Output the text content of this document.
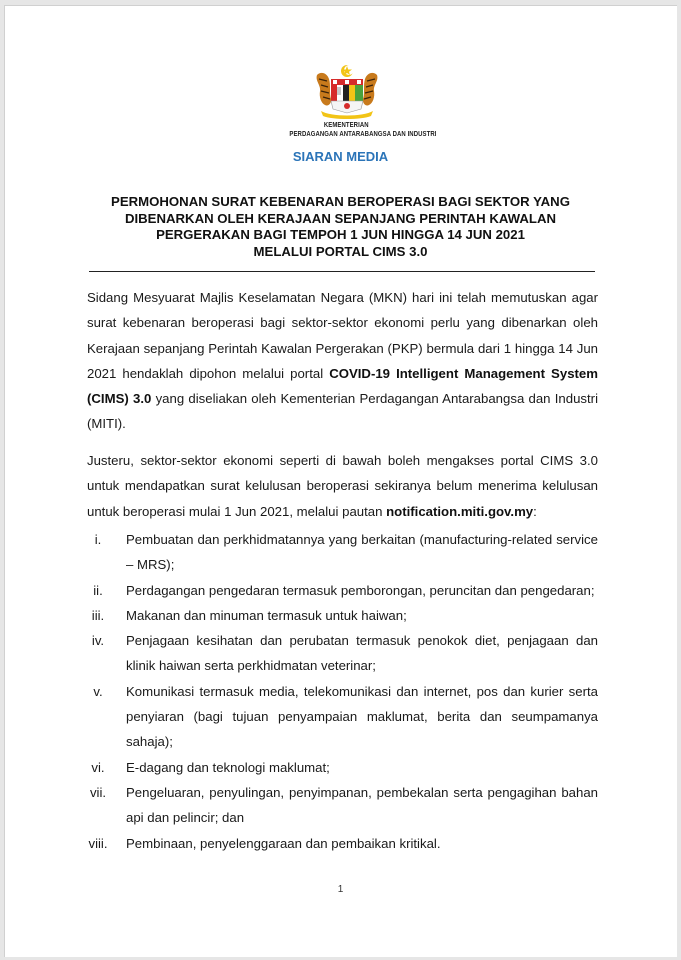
KEMENTERIAN
PERDAGANGAN ANTARABANGSA DAN INDUSTRI
SIARAN MEDIA
PERMOHONAN SURAT KEBENARAN BEROPERASI BAGI SEKTOR YANG
DIBENARKAN OLEH KERAJAAN SEPANJANG PERINTAH KAWALAN
PERGERAKAN BAGI TEMPOH 1 JUN HINGGA 14 JUN 2021
MELALUI PORTAL CIMS 3.0
Sidang Mesyuarat Majlis Keselamatan Negara (MKN) hari ini telah memutuskan agar surat kebenaran beroperasi bagi sektor-sektor ekonomi perlu yang dibenarkan oleh Kerajaan sepanjang Perintah Kawalan Pergerakan (PKP) bermula dari 1 hingga 14 Jun 2021 hendaklah dipohon melalui portal COVID-19 Intelligent Management System (CIMS) 3.0 yang diseliakan oleh Kementerian Perdagangan Antarabangsa dan Industri (MITI).
Justeru, sektor-sektor ekonomi seperti di bawah boleh mengakses portal CIMS 3.0 untuk mendapatkan surat kelulusan beroperasi sekiranya belum menerima kelulusan untuk beroperasi mulai 1 Jun 2021, melalui pautan notification.miti.gov.my:
i.	Pembuatan dan perkhidmatannya yang berkaitan (manufacturing-related service – MRS);
ii.	Perdagangan pengedaran termasuk pemborongan, peruncitan dan pengedaran;
iii.	Makanan dan minuman termasuk untuk haiwan;
iv.	Penjagaan kesihatan dan perubatan termasuk penokok diet, penjagaan dan klinik haiwan serta perkhidmatan veterinar;
v.	Komunikasi termasuk media, telekomunikasi dan internet, pos dan kurier serta penyiaran (bagi tujuan penyampaian maklumat, berita dan seumpamanya sahaja);
vi.	E-dagang dan teknologi maklumat;
vii. Pengeluaran, penyulingan, penyimpanan, pembekalan serta pengagihan bahan api dan pelincir; dan
viii. Pembinaan, penyelenggaraan dan pembaikan kritikal.
1
